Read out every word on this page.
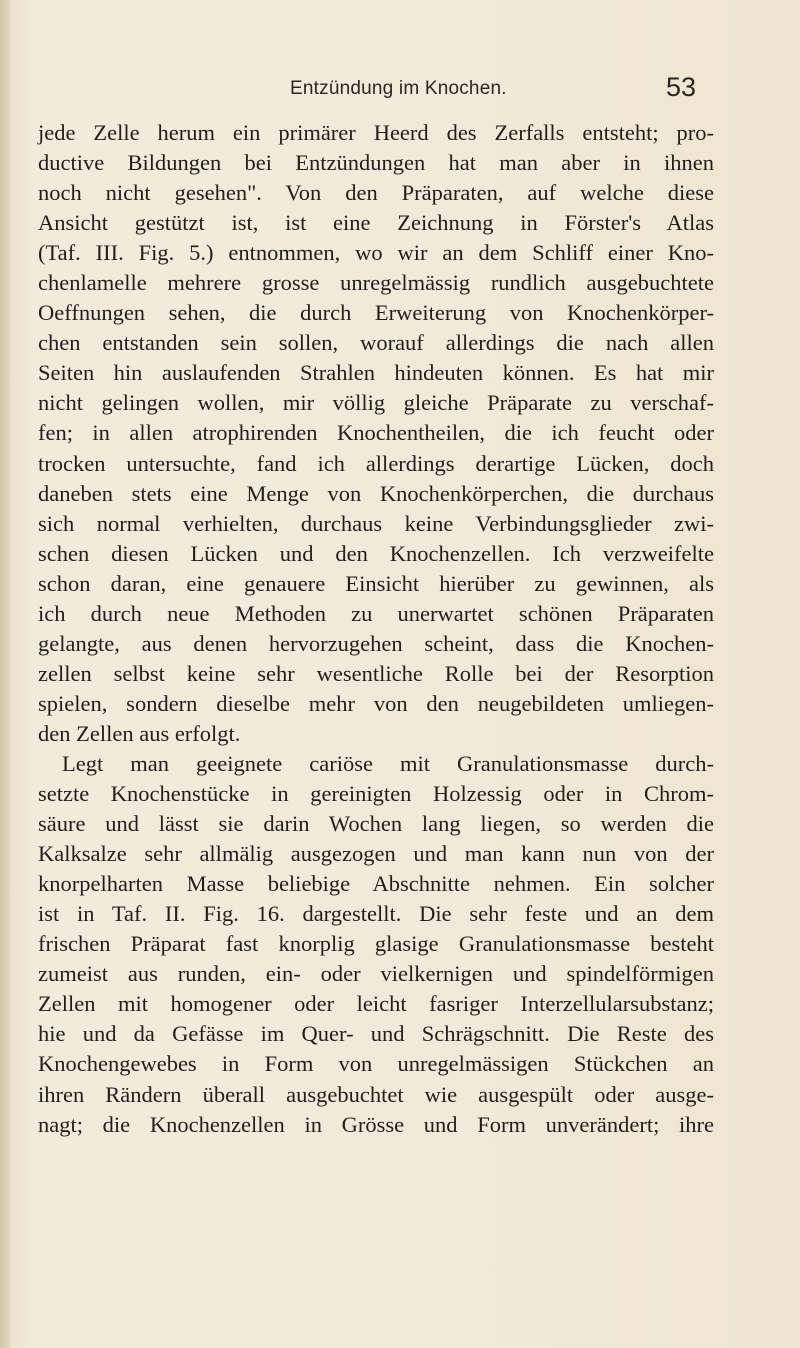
Entzündung im Knochen.	53
jede Zelle herum ein primärer Heerd des Zerfalls entsteht; pro-
ductive Bildungen bei Entzündungen hat man aber in ihnen
noch nicht gesehen". Von den Präparaten, auf welche diese
Ansicht gestützt ist, ist eine Zeichnung in Förster's Atlas
(Taf. III. Fig. 5.) entnommen, wo wir an dem Schliff einer Kno-
chenlamelle mehrere grosse unregelmässig rundlich ausgebuchtete
Oeffnungen sehen, die durch Erweiterung von Knochenkörper-
chen entstanden sein sollen, worauf allerdings die nach allen
Seiten hin auslaufenden Strahlen hindeuten können. Es hat mir
nicht gelingen wollen, mir völlig gleiche Präparate zu verschaf-
fen; in allen atrophirenden Knochentheilen, die ich feucht oder
trocken untersuchte, fand ich allerdings derartige Lücken, doch
daneben stets eine Menge von Knochenkörperchen, die durchaus
sich normal verhielten, durchaus keine Verbindungsglieder zwi-
schen diesen Lücken und den Knochenzellen. Ich verzweifelte
schon daran, eine genauere Einsicht hierüber zu gewinnen, als
ich durch neue Methoden zu unerwartet schönen Präparaten
gelangte, aus denen hervorzugehen scheint, dass die Knochen-
zellen selbst keine sehr wesentliche Rolle bei der Resorption
spielen, sondern dieselbe mehr von den neugebildeten umliegen-
den Zellen aus erfolgt.
Legt man geeignete cariöse mit Granulationsmasse durch-
setzte Knochenstücke in gereinigten Holzessig oder in Chrom-
säure und lässt sie darin Wochen lang liegen, so werden die
Kalksalze sehr allmälig ausgezogen und man kann nun von der
knorpelharten Masse beliebige Abschnitte nehmen. Ein solcher
ist in Taf. II. Fig. 16. dargestellt. Die sehr feste und an dem
frischen Präparat fast knorplig glasige Granulationsmasse besteht
zumeist aus runden, ein- oder vielkernigen und spindelförmigen
Zellen mit homogener oder leicht fasriger Interzellularsubstanz;
hie und da Gefässe im Quer- und Schrägschnitt. Die Reste des
Knochengewebes in Form von unregelmässigen Stückchen an
ihren Rändern überall ausgebuchtet wie ausgespült oder ausge-
nagt; die Knochenzellen in Grösse und Form unverändert; ihre
